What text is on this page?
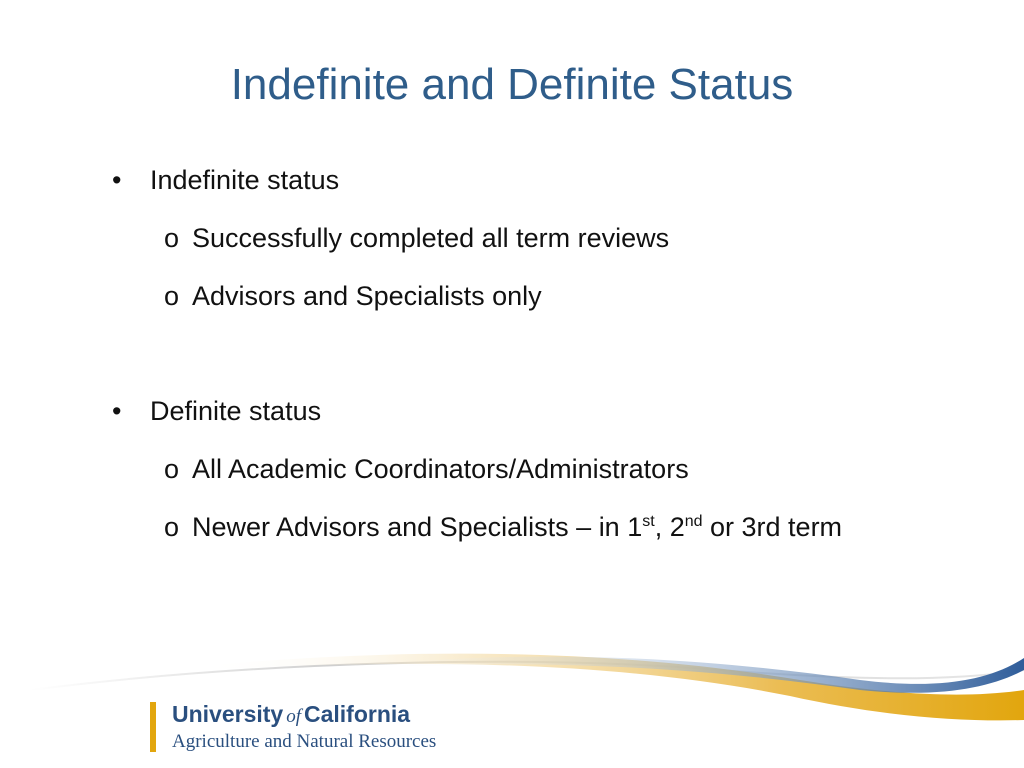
Indefinite and Definite Status
• Indefinite status
o Successfully completed all term reviews
o Advisors and Specialists only
• Definite status
o All Academic Coordinators/Administrators
o Newer Advisors and Specialists – in 1st, 2nd or 3rd term
University of California
Agriculture and Natural Resources
